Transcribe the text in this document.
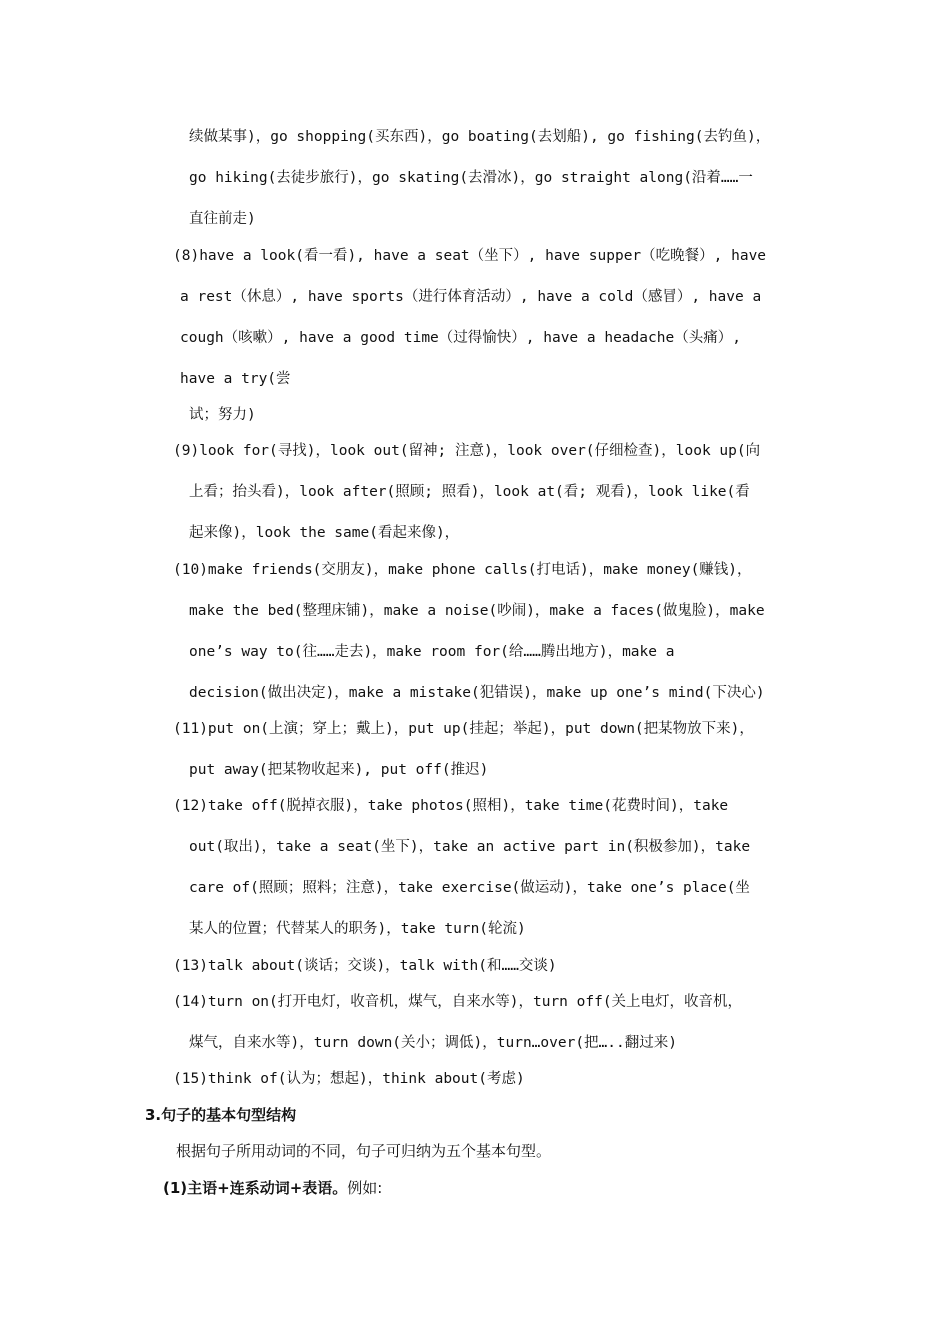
续做某事)，go shopping(买东西)，go boating(去划船), go fishing(去钓鱼)，
go hiking(去徒步旅行)，go skating(去滑冰)，go straight along(沿着……一
直往前走)
(8)have a look(看一看), have a seat（坐下）, have supper（吃晚餐）, have
a rest（休息）, have sports（进行体育活动）, have a cold（感冒）, have a
cough（咳嗽）, have a good time（过得愉快）, have a headache（头痛）,
have a try(尝
试；努力)
(9)look for(寻找)，look out(留神; 注意)，look over(仔细检查)，look up(向
上看；抬头看)，look after(照顾; 照看)，look at(看; 观看)，look like(看
起来像)，look the same(看起来像)，
(10)make friends(交朋友)，make phone calls(打电话)，make money(赚钱)，
make the bed(整理床铺)，make a noise(吵闹)，make a faces(做鬼脸)，make
one’s way to(往……走去)，make room for(给……腾出地方)，make a
decision(做出决定)，make a mistake(犯错误)，make up one’s mind(下决心)
(11)put on(上演；穿上；戴上)，put up(挂起；举起)，put down(把某物放下来)，
put away(把某物收起来), put off(推迟)
(12)take off(脱掉衣服)，take photos(照相)，take time(花费时间)，take
out(取出)，take a seat(坐下)，take an active part in(积极参加)，take
care of(照顾；照料；注意)，take exercise(做运动)，take one’s place(坐
某人的位置；代替某人的职务)，take turn(轮流)
(13)talk about(谈话；交谈)，talk with(和……交谈)
(14)turn on(打开电灯，收音机，煤气，自来水等)，turn off(关上电灯，收音机，
煤气，自来水等)，turn down(关小；调低)，turn…over(把…..翻过来)
(15)think of(认为；想起)，think about(考虑)
3.句子的基本句型结构
根据句子所用动词的不同，句子可归纳为五个基本句型。
(1)主语+连系动词+表语。例如:
